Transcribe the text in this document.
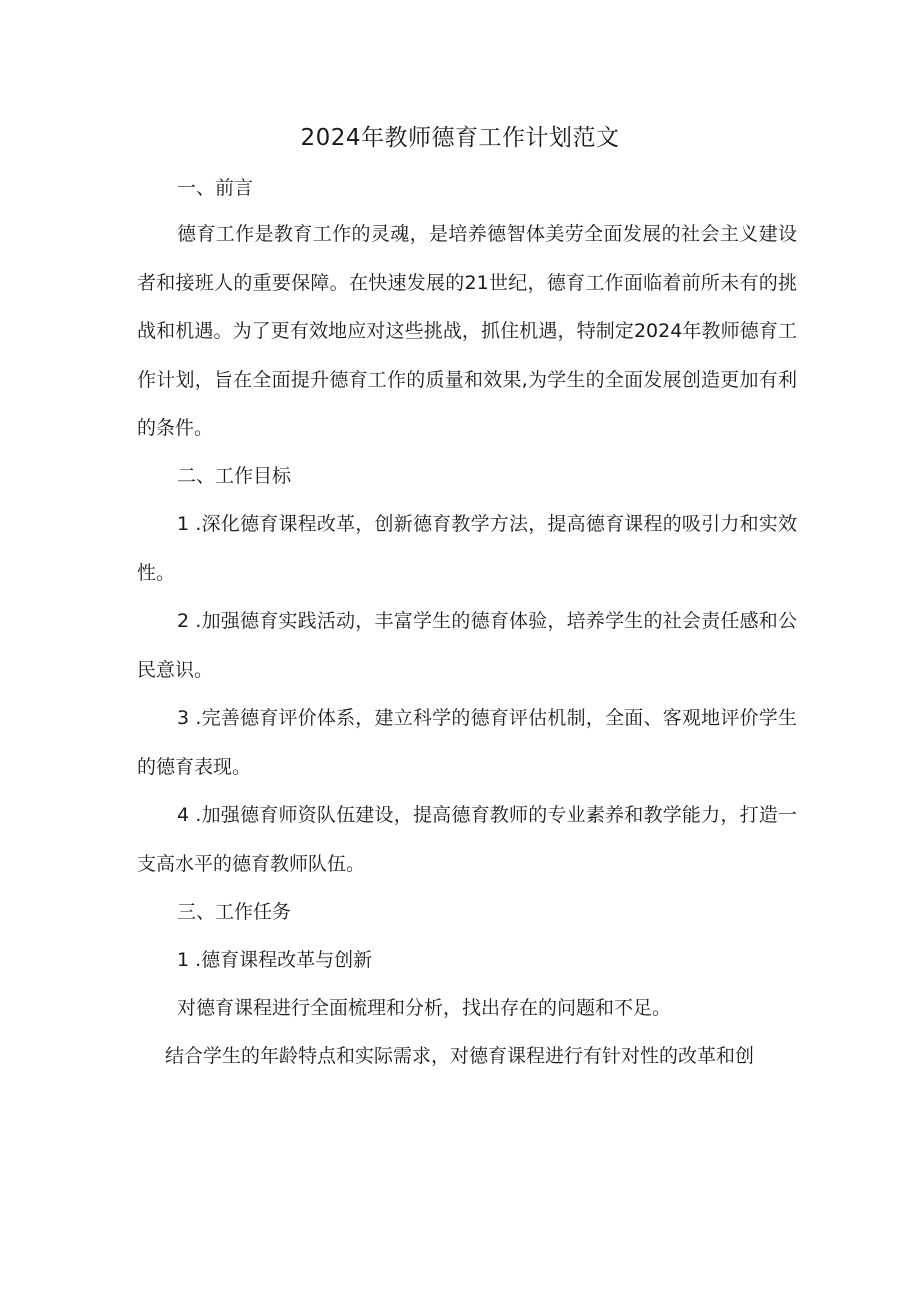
2024年教师德育工作计划范文

一、前言

德育工作是教育工作的灵魂，是培养德智体美劳全面发展的社会主义建设者和接班人的重要保障。在快速发展的21世纪，德育工作面临着前所未有的挑战和机遇。为了更有效地应对这些挑战，抓住机遇，特制定2024年教师德育工作计划，旨在全面提升德育工作的质量和效果,为学生的全面发展创造更加有利的条件。

二、工作目标

1 .深化德育课程改革，创新德育教学方法，提高德育课程的吸引力和实效性。

2 .加强德育实践活动，丰富学生的德育体验，培养学生的社会责任感和公民意识。

3 .完善德育评价体系，建立科学的德育评估机制，全面、客观地评价学生的德育表现。

4 .加强德育师资队伍建设，提高德育教师的专业素养和教学能力，打造一支高水平的德育教师队伍。

三、工作任务

1 .德育课程改革与创新

对德育课程进行全面梳理和分析，找出存在的问题和不足。

结合学生的年龄特点和实际需求，对德育课程进行有针对性的改革和创
